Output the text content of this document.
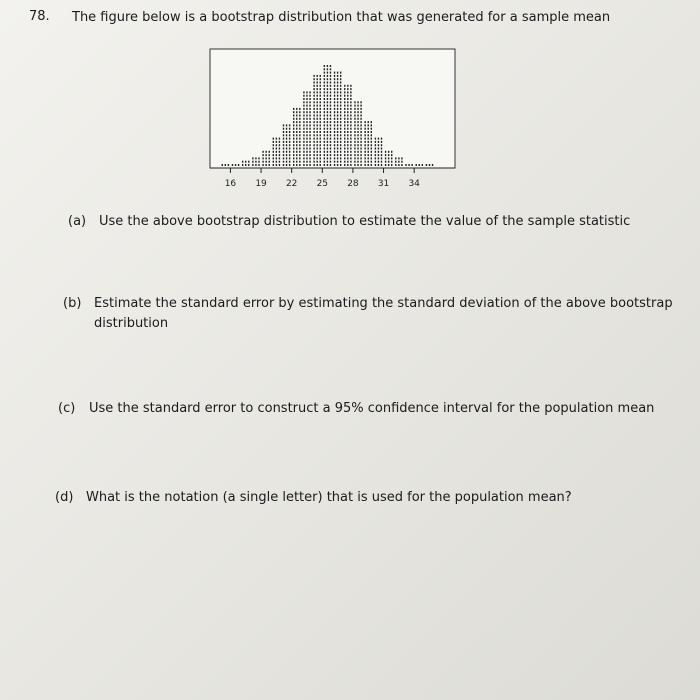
78. The figure below is a bootstrap distribution that was generated for a sample mean
16 19 22 25 28 31 34
(a) Use the above bootstrap distribution to estimate the value of the sample statistic
(b) Estimate the standard error by estimating the standard deviation of the above bootstrap distribution
(c) Use the standard error to construct a 95% confidence interval for the population mean
(d) What is the notation (a single letter) that is used for the population mean?
